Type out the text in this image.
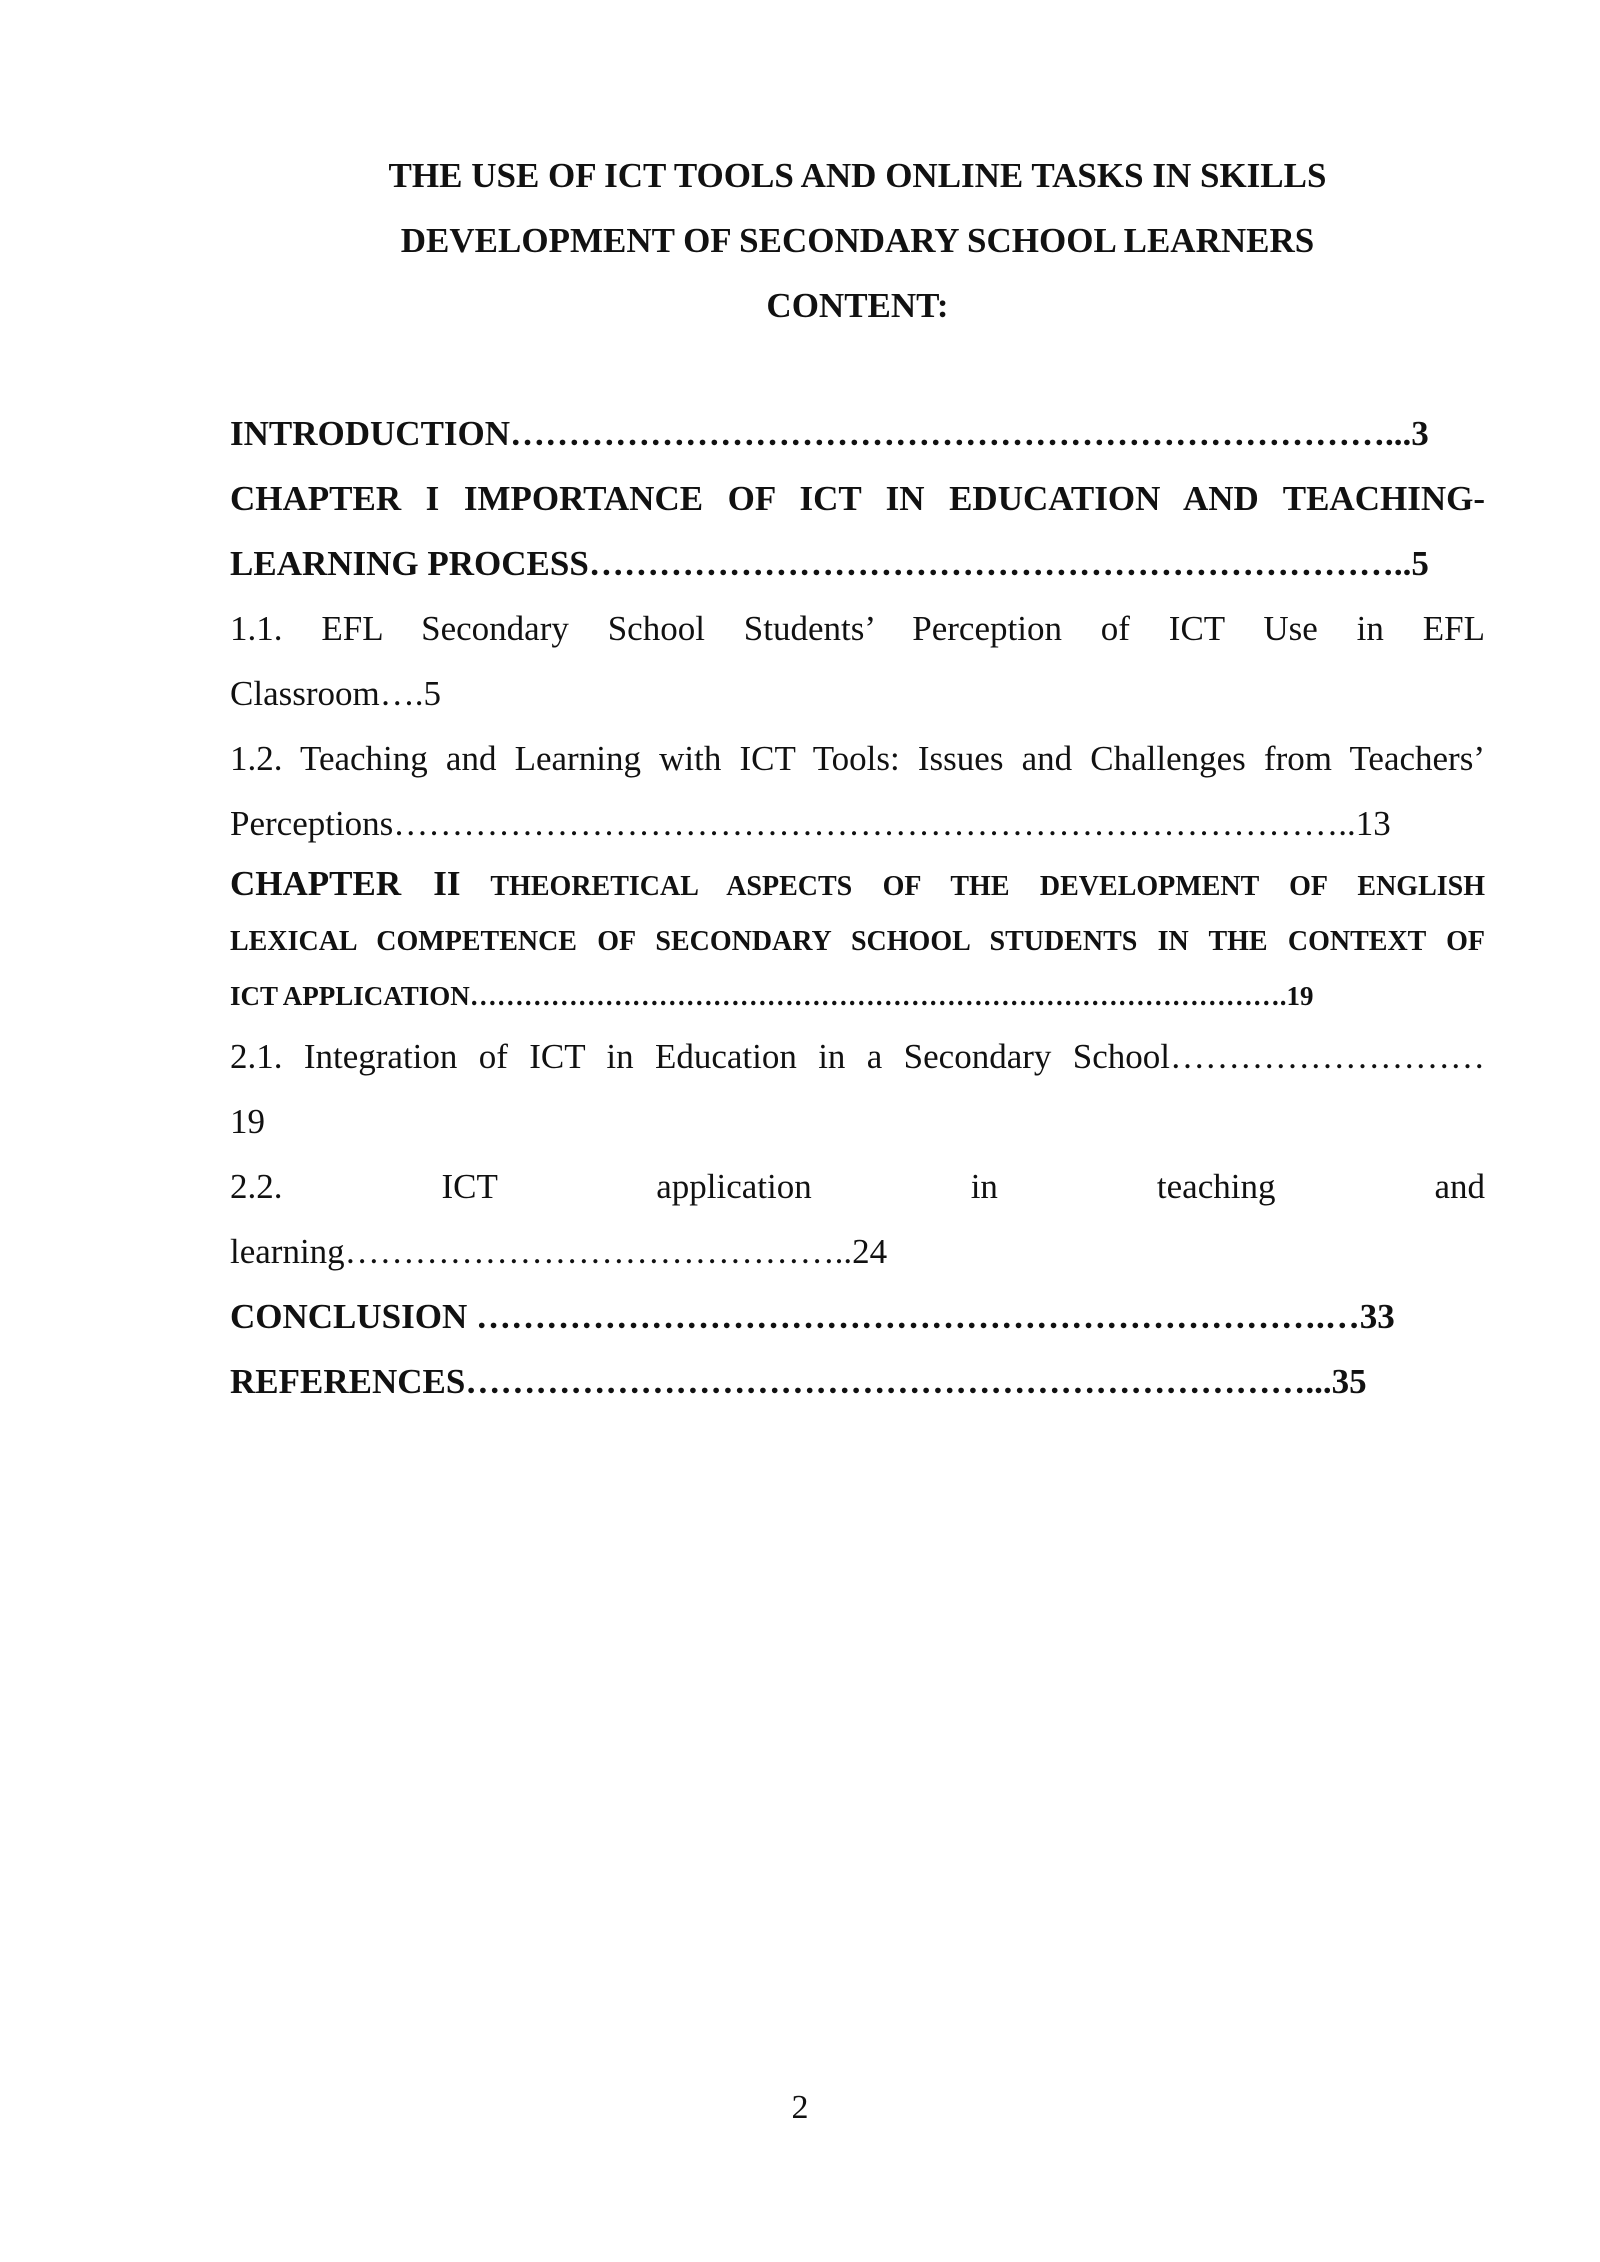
THE USE OF ICT TOOLS AND ONLINE TASKS IN SKILLS

DEVELOPMENT OF SECONDARY SCHOOL LEARNERS

CONTENT:

INTRODUCTION…………………………………………………………………...3

CHAPTER I IMPORTANCE OF ICT IN EDUCATION AND TEACHING-

LEARNING PROCESS……………………………………………………………..5

1.1. EFL Secondary School Students’ Perception of ICT Use in EFL

Classroom….5

1.2. Teaching and Learning with ICT Tools: Issues and Challenges from Teachers’

Perceptions………………………………………………………………………..13

CHAPTER II THEORETICAL ASPECTS OF THE DEVELOPMENT OF ENGLISH

LEXICAL COMPETENCE OF SECONDARY SCHOOL STUDENTS IN THE CONTEXT OF

ICT APPLICATION……………………………………………………………………………….19

2.1. Integration of ICT in Education in a Secondary School………………………

19

2.2. ICT application in teaching and

learning……………………………………..24

CONCLUSION ……………………………………………………………….…33

REFERENCES………………………………………………………………...35

2
